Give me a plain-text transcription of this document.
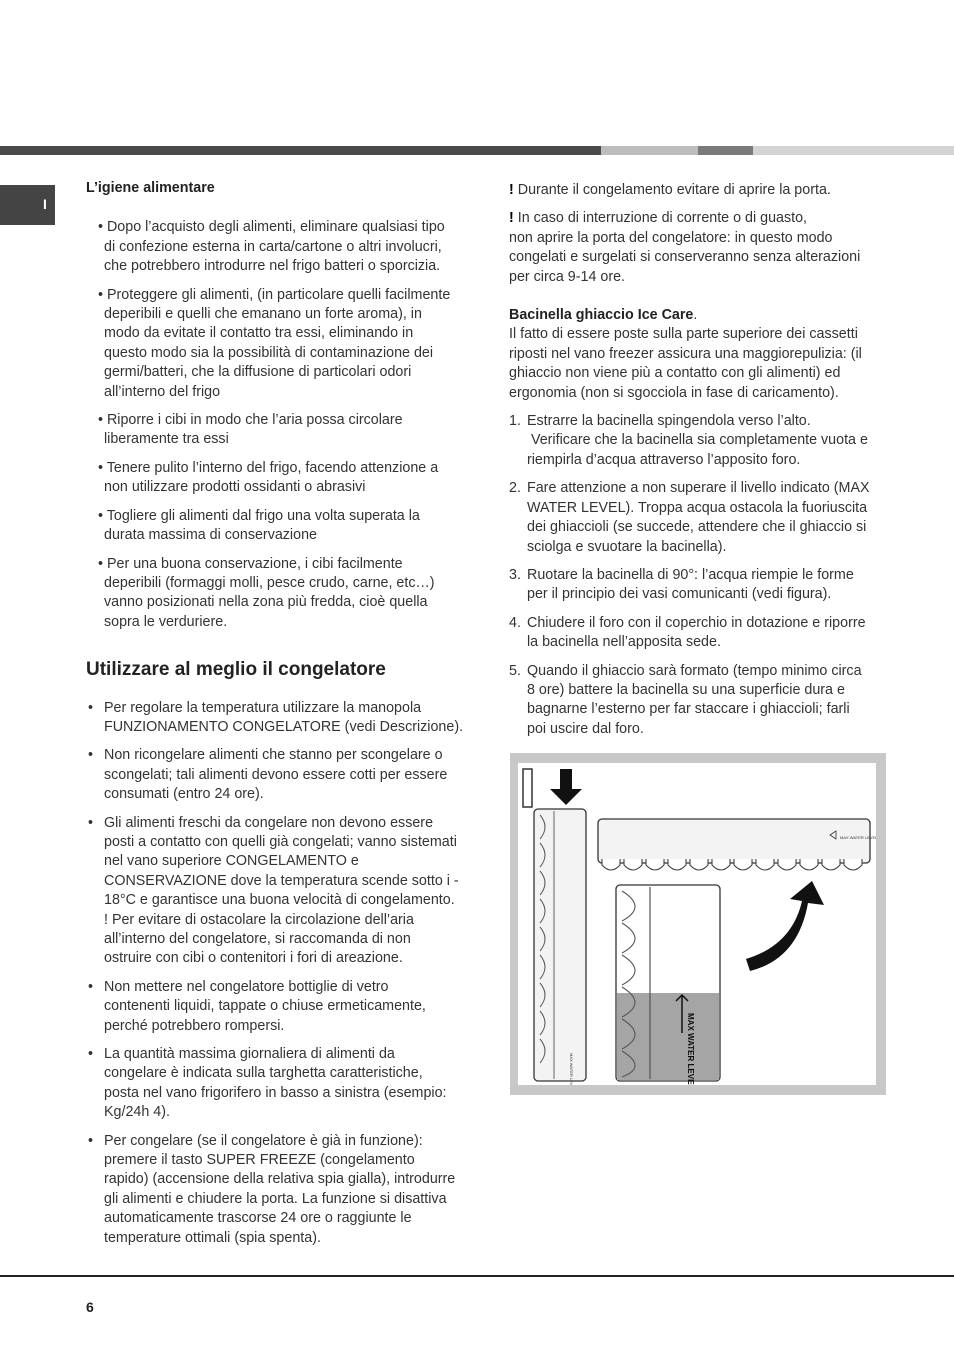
I

L’igiene alimentare

• Dopo l’acquisto degli alimenti, eliminare qualsiasi tipo
di confezione esterna in carta/cartone o altri involucri,
che potrebbero introdurre nel frigo batteri o sporcizia.
• Proteggere gli alimenti, (in particolare quelli facilmente
deperibili e quelli che emanano un forte aroma), in
modo da evitate il contatto tra essi, eliminando in
questo modo sia la possibilità di contaminazione dei
germi/batteri, che la diffusione di particolari odori
all’interno del frigo
• Riporre i cibi in modo che l’aria possa circolare
liberamente tra essi
• Tenere pulito l’interno del frigo, facendo attenzione a
non utilizzare prodotti ossidanti o abrasivi
• Togliere gli alimenti dal frigo una volta superata la
durata massima di conservazione
• Per una buona conservazione, i cibi facilmente
deperibili (formaggi molli, pesce crudo, carne, etc…)
vanno posizionati nella zona più fredda, cioè quella
sopra le verduriere.

Utilizzare al meglio il congelatore

• Per regolare la temperatura utilizzare la manopola
FUNZIONAMENTO CONGELATORE (vedi Descrizione).
• Non ricongelare alimenti che stanno per scongelare o
scongelati; tali alimenti devono essere cotti per essere
consumati (entro 24 ore).
• Gli alimenti freschi da congelare non devono essere
posti a contatto con quelli già congelati; vanno sistemati
nel vano superiore CONGELAMENTO e
CONSERVAZIONE dove la temperatura scende sotto i -
18°C e garantisce una buona velocità di congelamento.
! Per evitare di ostacolare la circolazione dell’aria
all’interno del congelatore, si raccomanda di non
ostruire con cibi o contenitori i fori di areazione.
• Non mettere nel congelatore bottiglie di vetro
contenenti liquidi, tappate o chiuse ermeticamente,
perché potrebbero rompersi.
• La quantità massima giornaliera di alimenti da
congelare è indicata sulla targhetta caratteristiche,
posta nel vano frigorifero in basso a sinistra (esempio:
Kg/24h 4).
• Per congelare (se il congelatore è già in funzione):
premere il tasto SUPER FREEZE (congelamento
rapido) (accensione della relativa spia gialla), introdurre
gli alimenti e chiudere la porta. La funzione si disattiva
automaticamente trascorse 24 ore o raggiunte le
temperature ottimali (spia spenta).

! Durante il congelamento evitare di aprire la porta.

! In caso di interruzione di corrente o di guasto,
non aprire la porta del congelatore: in questo modo
congelati e surgelati si conserveranno senza alterazioni
per circa 9-14 ore.

Bacinella ghiaccio Ice Care.

Il fatto di essere poste sulla parte superiore dei cassetti
riposti nel vano freezer assicura una maggiorepulizia: (il
ghiaccio non viene più a contatto con gli alimenti) ed
ergonomia (non si sgocciola in fase di caricamento).
1. Estrarre la bacinella spingendola verso l’alto.
Verificare che la bacinella sia completamente vuota e
riempirla d’acqua attraverso l’apposito foro.
2. Fare attenzione a non superare il livello indicato (MAX
WATER LEVEL). Troppa acqua ostacola la fuoriuscita
dei ghiaccioli (se succede, attendere che il ghiaccio si
sciolga e svuotare la bacinella).
3. Ruotare la bacinella di 90°: l’acqua riempie le forme
per il principio dei vasi comunicanti (vedi figura).
4. Chiudere il foro con il coperchio in dotazione e riporre
la bacinella nell’apposita sede.
5. Quando il ghiaccio sarà formato (tempo minimo circa
8 ore) battere la bacinella su una superficie dura e
bagnarne l’esterno per far staccare i ghiaccioli; farli
poi uscire dal foro.
MAX WATER LEVEL
MAX WATER LEVEL
MAX WATER LEVEL
6
